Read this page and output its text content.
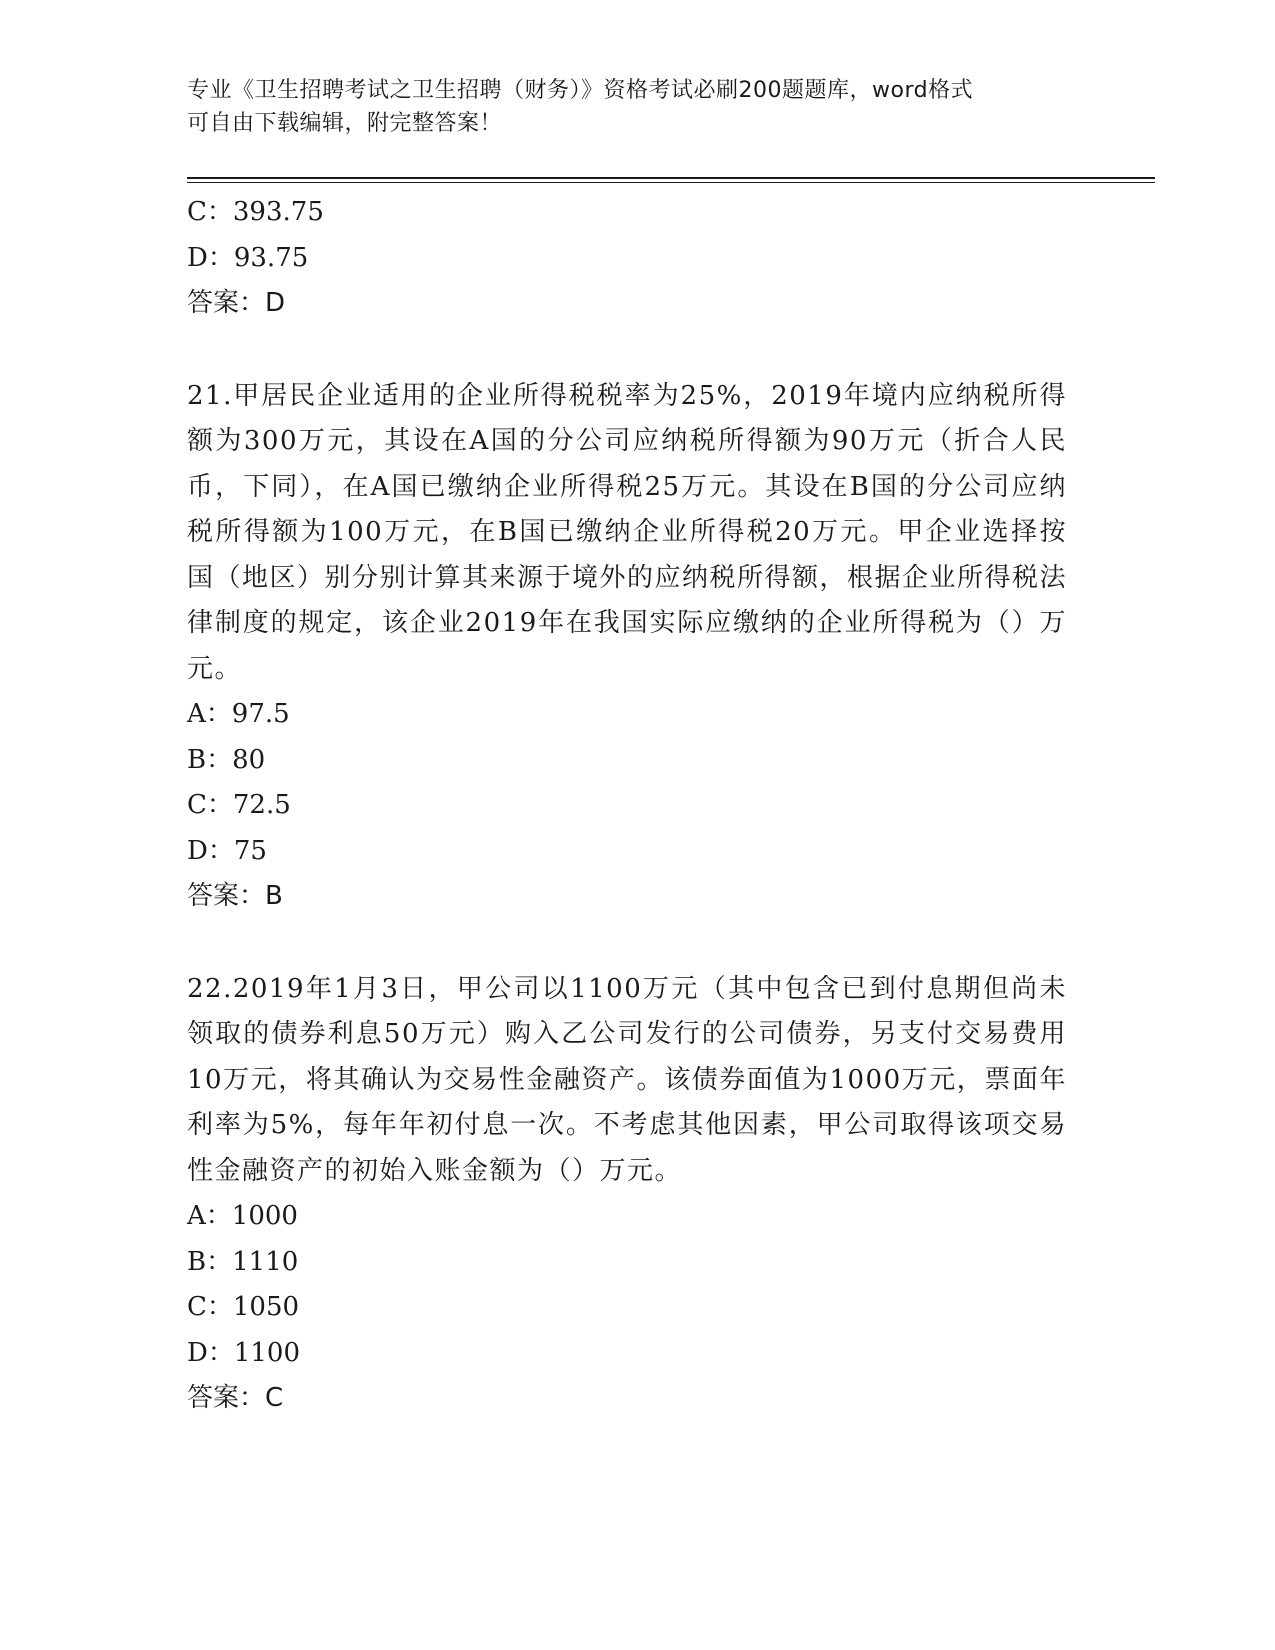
专业《卫生招聘考试之卫生招聘（财务）》资格考试必刷200题题库，word格式
可自由下载编辑，附完整答案！
C：393.75
D：93.75
答案：D
21.甲居民企业适用的企业所得税税率为25%，2019年境内应纳税所得额为300万元，其设在A国的分公司应纳税所得额为90万元（折合人民币，下同），在A国已缴纳企业所得税25万元。其设在B国的分公司应纳税所得额为100万元，在B国已缴纳企业所得税20万元。甲企业选择按国（地区）别分别计算其来源于境外的应纳税所得额，根据企业所得税法律制度的规定，该企业2019年在我国实际应缴纳的企业所得税为（）万元。
A：97.5
B：80
C：72.5
D：75
答案：B
22.2019年1月3日，甲公司以1100万元（其中包含已到付息期但尚未领取的债券利息50万元）购入乙公司发行的公司债券，另支付交易费用10万元，将其确认为交易性金融资产。该债券面值为1000万元，票面年利率为5%，每年年初付息一次。不考虑其他因素，甲公司取得该项交易性金融资产的初始入账金额为（）万元。
A：1000
B：1110
C：1050
D：1100
答案：C
